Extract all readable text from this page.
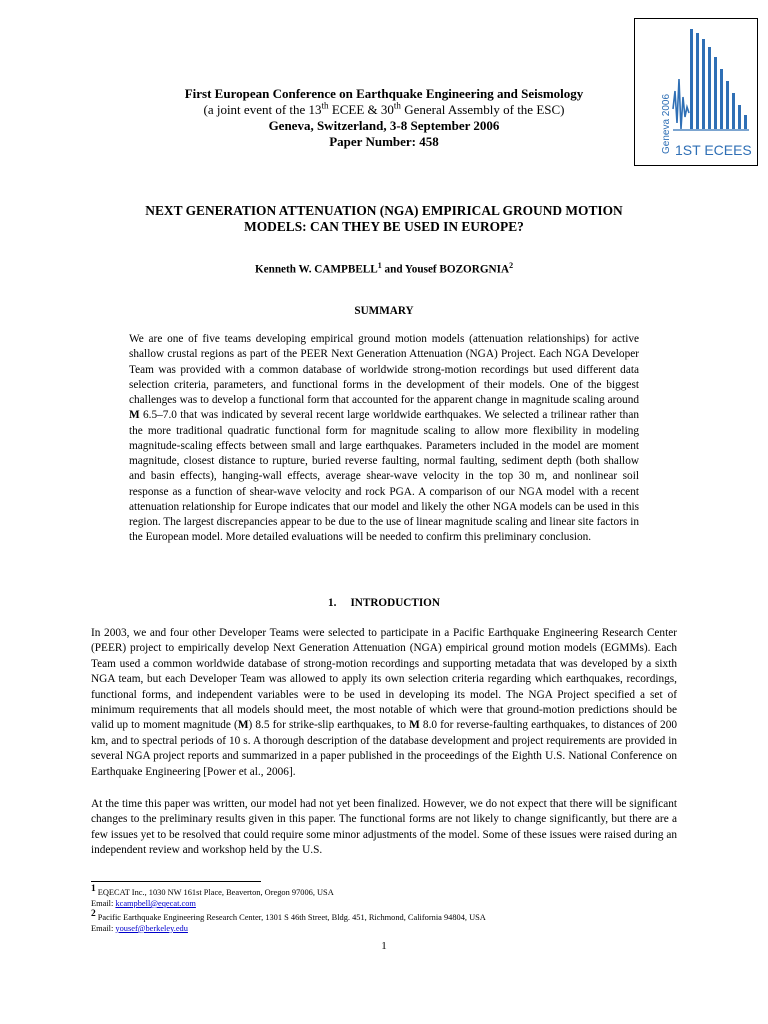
Geneva 2006 1ST ECEES
First European Conference on Earthquake Engineering and Seismology
(a joint event of the 13th ECEE & 30th General Assembly of the ESC)
Geneva, Switzerland, 3-8 September 2006
Paper Number: 458
NEXT GENERATION ATTENUATION (NGA) EMPIRICAL GROUND MOTION
MODELS: CAN THEY BE USED IN EUROPE?
Kenneth W. CAMPBELL$^1$ and Yousef BOZORGNIA$^2$
SUMMARY

We are one of five teams developing empirical ground motion models (attenuation relationships) for active shallow crustal regions as part of the PEER Next Generation Attenuation (NGA) Project. Each NGA Developer Team was provided with a common database of worldwide strong-motion recordings but used different data selection criteria, parameters, and functional forms in the development of their models. One of the biggest challenges was to develop a functional form that accounted for the apparent change in magnitude scaling around M 6.5–7.0 that was indicated by several recent large worldwide earthquakes. We selected a trilinear rather than the more traditional quadratic functional form for magnitude scaling to allow more flexibility in modeling magnitude-scaling effects between small and large earthquakes. Parameters included in the model are moment magnitude, closest distance to rupture, buried reverse faulting, normal faulting, sediment depth (both shallow and basin effects), hanging-wall effects, average shear-wave velocity in the top 30 m, and nonlinear soil response as a function of shear-wave velocity and rock PGA. A comparison of our NGA model with a recent attenuation relationship for Europe indicates that our model and likely the other NGA models can be used in this region. The largest discrepancies appear to be due to the use of linear magnitude scaling and linear site factors in the European model. More detailed evaluations will be needed to confirm this preliminary conclusion.

1. INTRODUCTION

In 2003, we and four other Developer Teams were selected to participate in a Pacific Earthquake Engineering Research Center (PEER) project to empirically develop Next Generation Attenuation (NGA) empirical ground motion models (EGMMs). Each Team used a common worldwide database of strong-motion recordings and supporting metadata that was developed by a sixth NGA team, but each Developer Team was allowed to apply its own selection criteria regarding which earthquakes, recordings, functional forms, and independent variables were to be used in developing its model. The NGA Project specified a set of minimum requirements that all models should meet, the most notable of which were that ground-motion predictions should be valid up to moment magnitude (M) 8.5 for strike-slip earthquakes, to M 8.0 for reverse-faulting earthquakes, to distances of 200 km, and to spectral periods of 10 s. A thorough description of the database development and project requirements are provided in several NGA project reports and summarized in a paper published in the proceedings of the Eighth U.S. National Conference on Earthquake Engineering [Power et al., 2006].

At the time this paper was written, our model had not yet been finalized. However, we do not expect that there will be significant changes to the preliminary results given in this paper. The functional forms are not likely to change significantly, but there are a few issues yet to be resolved that could require some minor adjustments of the model. Some of these issues were raised during an independent review and workshop held by the U.S.

$^1$ EQECAT Inc., 1030 NW 161st Place, Beaverton, Oregon 97006, USA
Email: kcampbell@eqecat.com
$^2$ Pacific Earthquake Engineering Research Center, 1301 S 46th Street, Bldg. 451, Richmond, California 94804, USA
Email: yousef@berkeley.edu
1
